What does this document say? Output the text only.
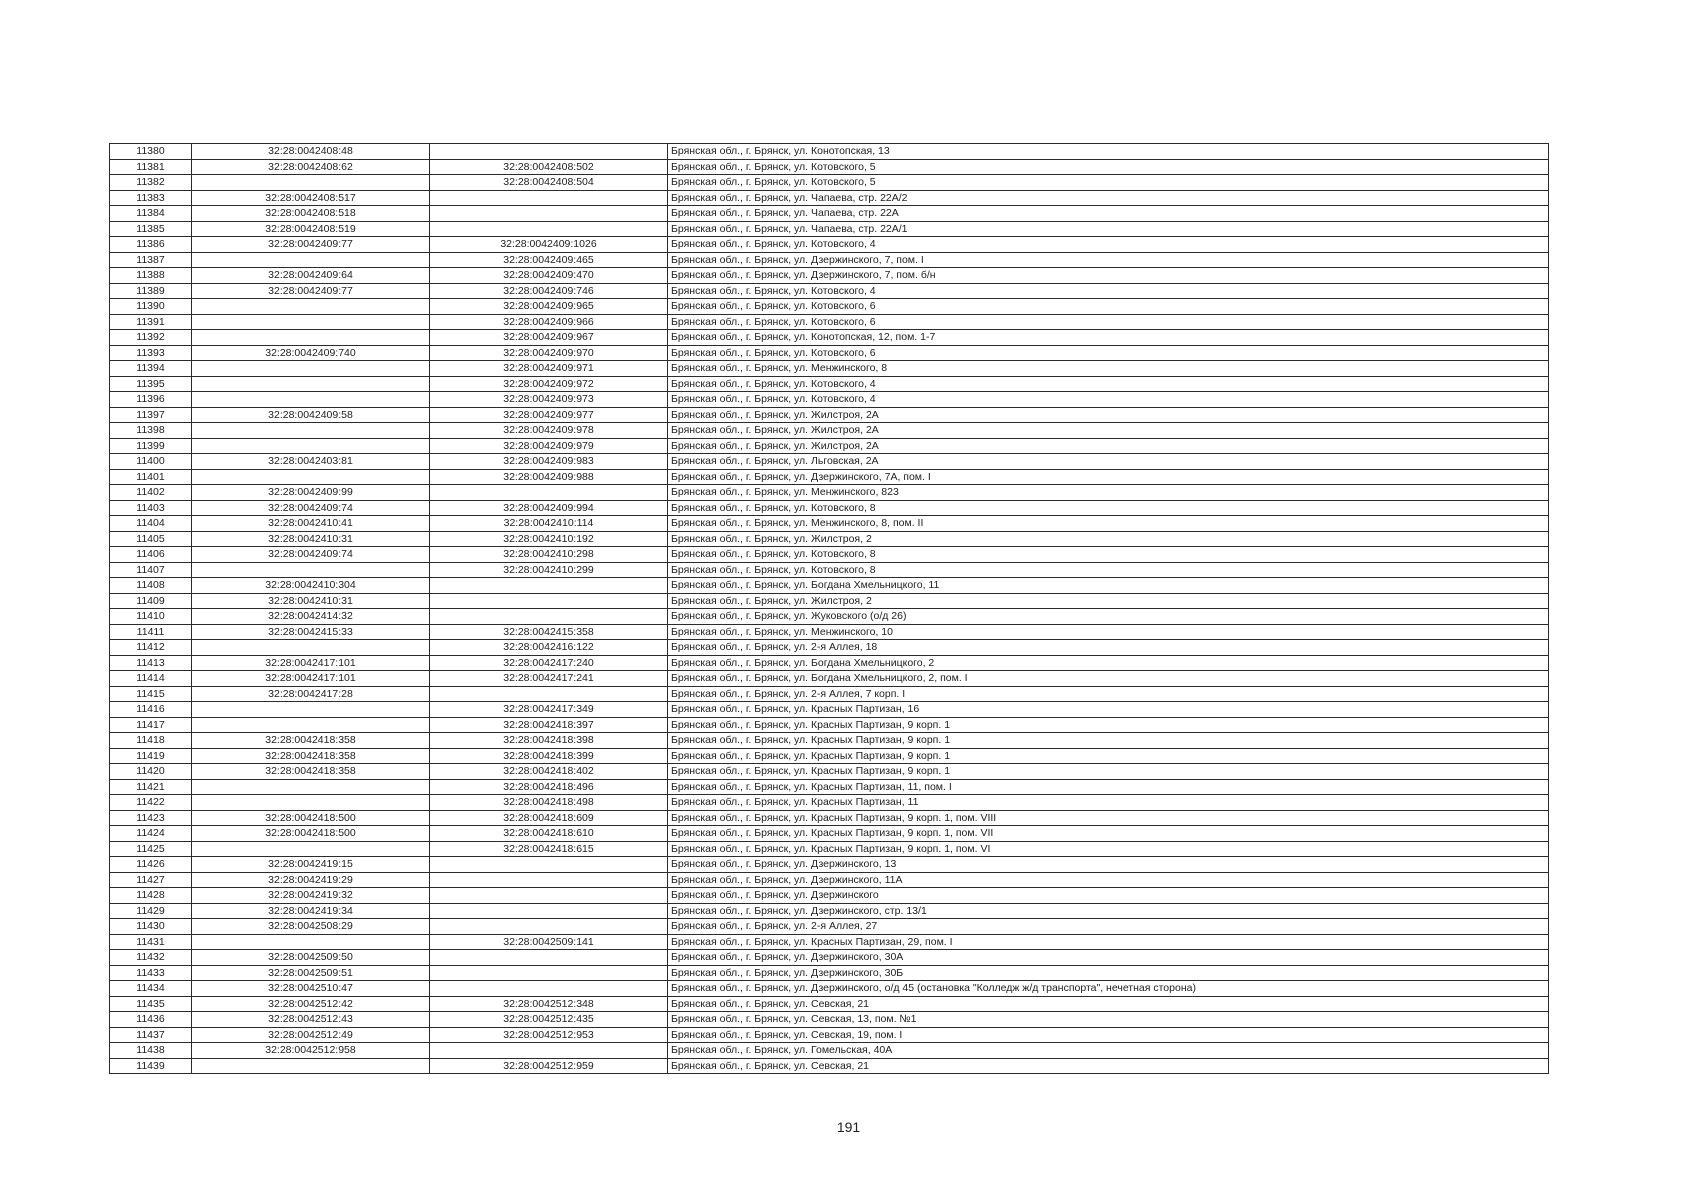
11380	32:28:0042408:48		Брянская обл., г. Брянск, ул. Конотопская, 13
11381	32:28:0042408:62	32:28:0042408:502	Брянская обл., г. Брянск, ул. Котовского, 5
11382		32:28:0042408:504	Брянская обл., г. Брянск, ул. Котовского, 5
11383	32:28:0042408:517		Брянская обл., г. Брянск, ул. Чапаева, стр. 22А/2
11384	32:28:0042408:518		Брянская обл., г. Брянск, ул. Чапаева, стр. 22А
11385	32:28:0042408:519		Брянская обл., г. Брянск, ул. Чапаева, стр. 22А/1
11386	32:28:0042409:77	32:28:0042409:1026	Брянская обл., г. Брянск, ул. Котовского, 4
11387		32:28:0042409:465	Брянская обл., г. Брянск, ул. Дзержинского, 7, пом. I
11388	32:28:0042409:64	32:28:0042409:470	Брянская обл., г. Брянск, ул. Дзержинского, 7, пом. б/н
11389	32:28:0042409:77	32:28:0042409:746	Брянская обл., г. Брянск, ул. Котовского, 4
11390		32:28:0042409:965	Брянская обл., г. Брянск, ул. Котовского, 6
11391		32:28:0042409:966	Брянская обл., г. Брянск, ул. Котовского, 6
11392		32:28:0042409:967	Брянская обл., г. Брянск, ул. Конотопская, 12, пом. 1-7
11393	32:28:0042409:740	32:28:0042409:970	Брянская обл., г. Брянск, ул. Котовского, 6
11394		32:28:0042409:971	Брянская обл., г. Брянск, ул. Менжинского, 8
11395		32:28:0042409:972	Брянская обл., г. Брянск, ул. Котовского, 4
11396		32:28:0042409:973	Брянская обл., г. Брянск, ул. Котовского, 4
11397	32:28:0042409:58	32:28:0042409:977	Брянская обл., г. Брянск, ул. Жилстроя, 2А
11398		32:28:0042409:978	Брянская обл., г. Брянск, ул. Жилстроя, 2А
11399		32:28:0042409:979	Брянская обл., г. Брянск, ул. Жилстроя, 2А
11400	32:28:0042403:81	32:28:0042409:983	Брянская обл., г. Брянск, ул. Льговская, 2А
11401		32:28:0042409:988	Брянская обл., г. Брянск, ул. Дзержинского, 7А, пом. I
11402	32:28:0042409:99		Брянская обл., г. Брянск, ул. Менжинского, 823
11403	32:28:0042409:74	32:28:0042409:994	Брянская обл., г. Брянск, ул. Котовского, 8
11404	32:28:0042410:41	32:28:0042410:114	Брянская обл., г. Брянск, ул. Менжинского, 8, пом. II
11405	32:28:0042410:31	32:28:0042410:192	Брянская обл., г. Брянск, ул. Жилстроя, 2
11406	32:28:0042409:74	32:28:0042410:298	Брянская обл., г. Брянск, ул. Котовского, 8
11407		32:28:0042410:299	Брянская обл., г. Брянск, ул. Котовского, 8
11408	32:28:0042410:304		Брянская обл., г. Брянск, ул. Богдана Хмельницкого, 11
11409	32:28:0042410:31		Брянская обл., г. Брянск, ул. Жилстроя, 2
11410	32:28:0042414:32		Брянская обл., г. Брянск, ул. Жуковского (о/д 26)
11411	32:28:0042415:33	32:28:0042415:358	Брянская обл., г. Брянск, ул. Менжинского, 10
11412		32:28:0042416:122	Брянская обл., г. Брянск, ул. 2-я Аллея, 18
11413	32:28:0042417:101	32:28:0042417:240	Брянская обл., г. Брянск, ул. Богдана Хмельницкого, 2
11414	32:28:0042417:101	32:28:0042417:241	Брянская обл., г. Брянск, ул. Богдана Хмельницкого, 2, пом. I
11415	32:28:0042417:28		Брянская обл., г. Брянск, ул. 2-я Аллея, 7 корп. I
11416		32:28:0042417:349	Брянская обл., г. Брянск, ул. Красных Партизан, 16
11417		32:28:0042418:397	Брянская обл., г. Брянск, ул. Красных Партизан, 9 корп. 1
11418	32:28:0042418:358	32:28:0042418:398	Брянская обл., г. Брянск, ул. Красных Партизан, 9 корп. 1
11419	32:28:0042418:358	32:28:0042418:399	Брянская обл., г. Брянск, ул. Красных Партизан, 9 корп. 1
11420	32:28:0042418:358	32:28:0042418:402	Брянская обл., г. Брянск, ул. Красных Партизан, 9 корп. 1
11421		32:28:0042418:496	Брянская обл., г. Брянск, ул. Красных Партизан, 11, пом. I
11422		32:28:0042418:498	Брянская обл., г. Брянск, ул. Красных Партизан, 11
11423	32:28:0042418:500	32:28:0042418:609	Брянская обл., г. Брянск, ул. Красных Партизан, 9 корп. 1, пом. VIII
11424	32:28:0042418:500	32:28:0042418:610	Брянская обл., г. Брянск, ул. Красных Партизан, 9 корп. 1, пом. VII
11425		32:28:0042418:615	Брянская обл., г. Брянск, ул. Красных Партизан, 9 корп. 1, пом. VI
11426	32:28:0042419:15		Брянская обл., г. Брянск, ул. Дзержинского, 13
11427	32:28:0042419:29		Брянская обл., г. Брянск, ул. Дзержинского, 11А
11428	32:28:0042419:32		Брянская обл., г. Брянск, ул. Дзержинского
11429	32:28:0042419:34		Брянская обл., г. Брянск, ул. Дзержинского, стр. 13/1
11430	32:28:0042508:29		Брянская обл., г. Брянск, ул. 2-я Аллея, 27
11431		32:28:0042509:141	Брянская обл., г. Брянск, ул. Красных Партизан, 29, пом. I
11432	32:28:0042509:50		Брянская обл., г. Брянск, ул. Дзержинского, 30А
11433	32:28:0042509:51		Брянская обл., г. Брянск, ул. Дзержинского, 30Б
11434	32:28:0042510:47		Брянская обл., г. Брянск, ул. Дзержинского, о/д 45 (остановка "Колледж ж/д транспорта", нечетная сторона)
11435	32:28:0042512:42	32:28:0042512:348	Брянская обл., г. Брянск, ул. Севская, 21
11436	32:28:0042512:43	32:28:0042512:435	Брянская обл., г. Брянск, ул. Севская, 13, пом. №1
11437	32:28:0042512:49	32:28:0042512:953	Брянская обл., г. Брянск, ул. Севская, 19, пом. I
11438	32:28:0042512:958		Брянская обл., г. Брянск, ул. Гомельская, 40А
11439		32:28:0042512:959	Брянская обл., г. Брянск, ул. Севская, 21
191
